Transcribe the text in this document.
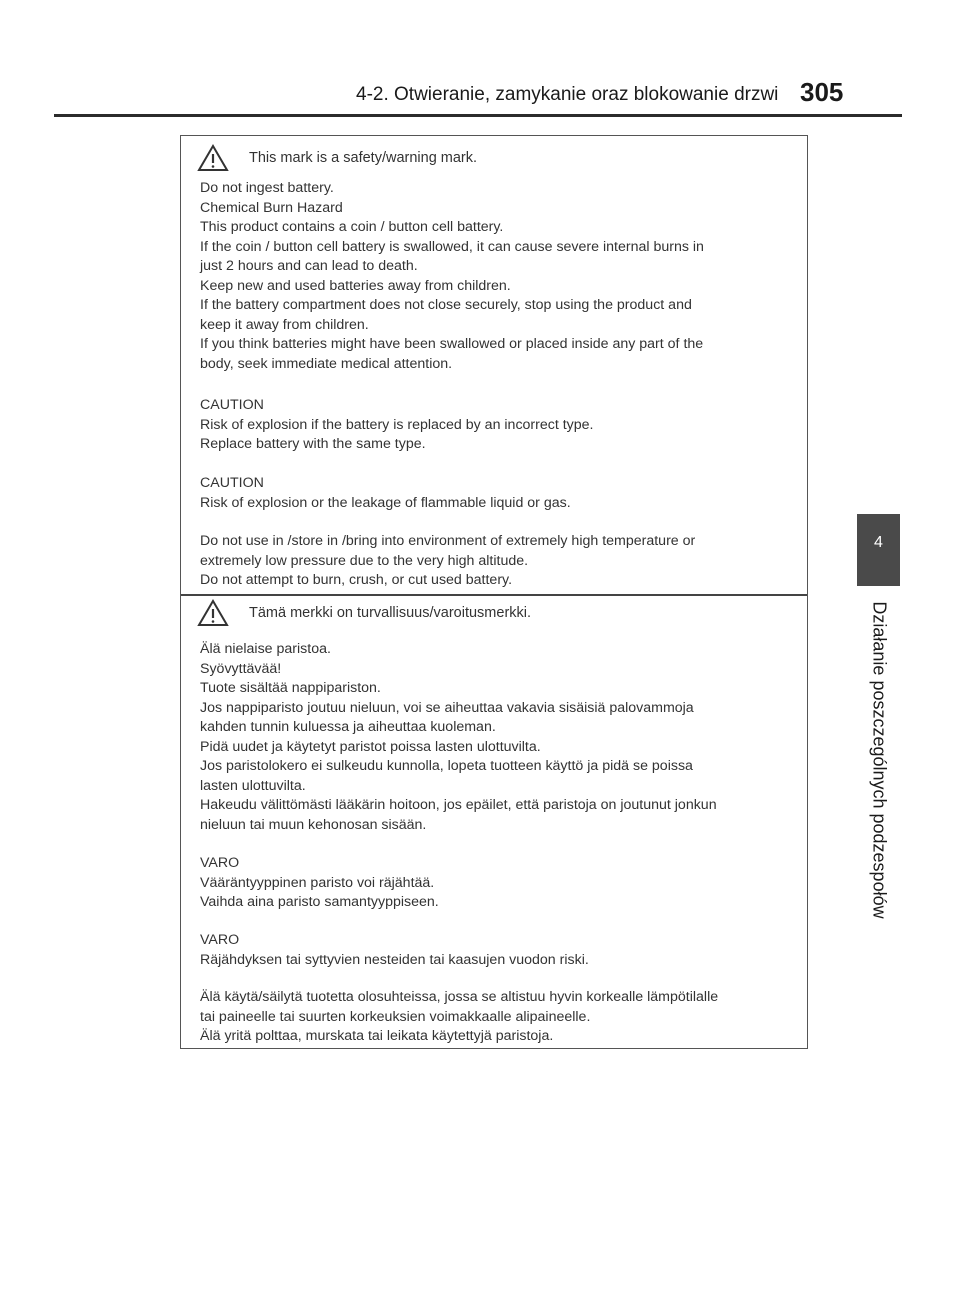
4-2. Otwieranie, zamykanie oraz blokowanie drzwi 305
4
Działanie poszczególnych podzespołów
This mark is a safety/warning mark.
Do not ingest battery.
Chemical Burn Hazard
This product contains a coin / button cell battery.
If the coin / button cell battery is swallowed, it can cause severe internal burns in
just 2 hours and can lead to death.
Keep new and used batteries away from children.
If the battery compartment does not close securely, stop using the product and
keep it away from children.
If you think batteries might have been swallowed or placed inside any part of the
body, seek immediate medical attention.
CAUTION
Risk of explosion if the battery is replaced by an incorrect type.
Replace battery with the same type.
CAUTION
Risk of explosion or the leakage of flammable liquid or gas.
Do not use in /store in /bring into environment of extremely high temperature or
extremely low pressure due to the very high altitude.
Do not attempt to burn, crush, or cut used battery.
Tämä merkki on turvallisuus/varoitusmerkki.
Älä nielaise paristoa.
Syövyttävää!
Tuote sisältää nappipariston.
Jos nappiparisto joutuu nieluun, voi se aiheuttaa vakavia sisäisiä palovammoja
kahden tunnin kuluessa ja aiheuttaa kuoleman.
Pidä uudet ja käytetyt paristot poissa lasten ulottuvilta.
Jos paristolokero ei sulkeudu kunnolla, lopeta tuotteen käyttö ja pidä se poissa
lasten ulottuvilta.
Hakeudu välittömästi lääkärin hoitoon, jos epäilet, että paristoja on joutunut jonkun
nieluun tai muun kehonosan sisään.
VARO
Vääräntyyppinen paristo voi räjähtää.
Vaihda aina paristo samantyyppiseen.
VARO
Räjähdyksen tai syttyvien nesteiden tai kaasujen vuodon riski.
Älä käytä/säilytä tuotetta olosuhteissa, jossa se altistuu hyvin korkealle lämpötilalle
tai paineelle tai suurten korkeuksien voimakkaalle alipaineelle.
Älä yritä polttaa, murskata tai leikata käytettyjä paristoja.
